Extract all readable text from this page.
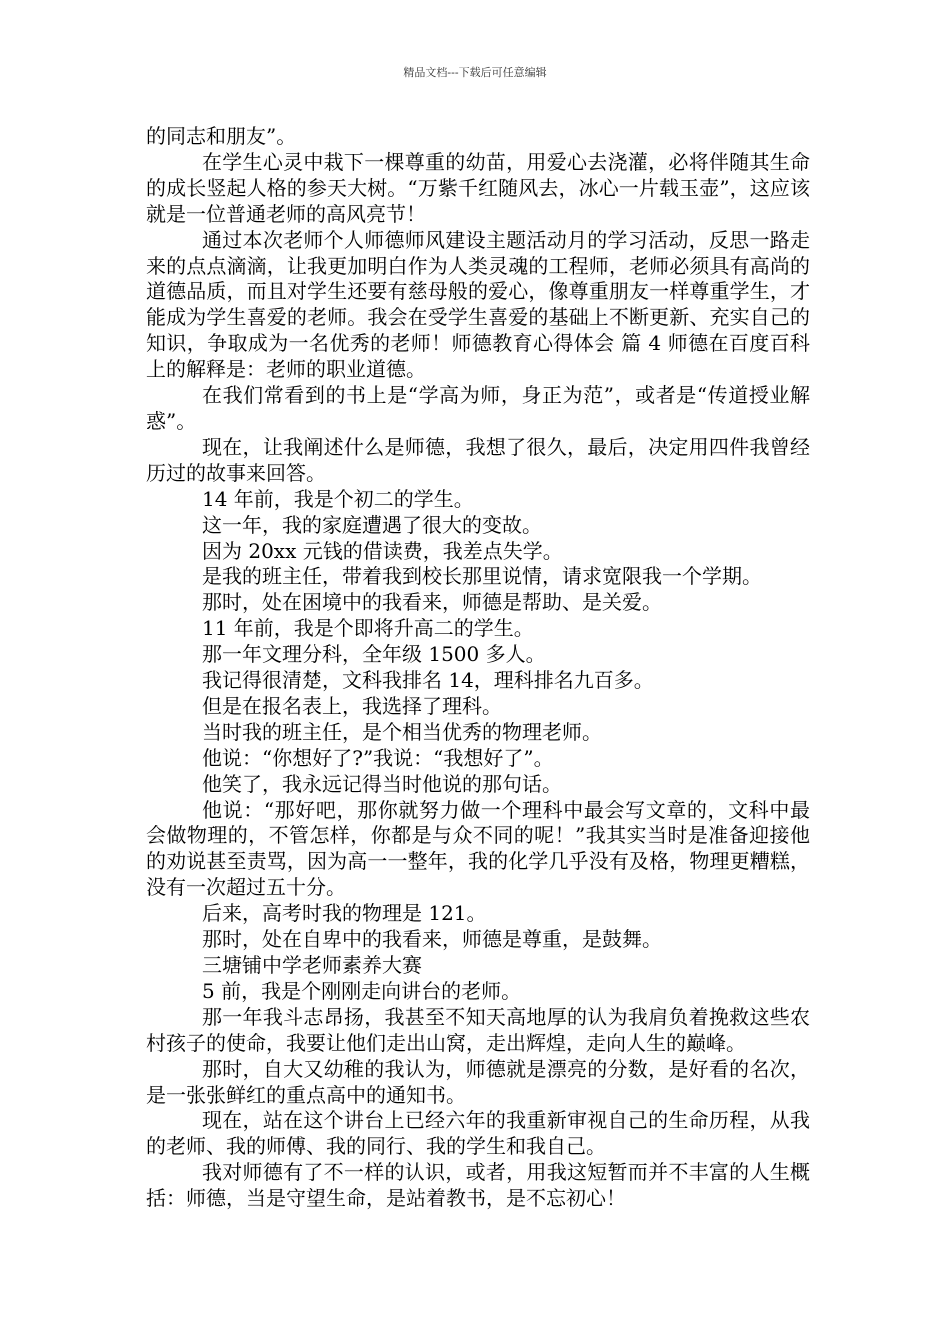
精品文档---下载后可任意编辑

的同志和朋友”。

在学生心灵中栽下一棵尊重的幼苗，用爱心去浇灌，必将伴随其生命的成长竖起人格的参天大树。“万紫千红随风去，冰心一片载玉壶”，这应该就是一位普通老师的高风亮节！

通过本次老师个人师德师风建设主题活动月的学习活动，反思一路走来的点点滴滴，让我更加明白作为人类灵魂的工程师，老师必须具有高尚的道德品质，而且对学生还要有慈母般的爱心，像尊重朋友一样尊重学生，才能成为学生喜爱的老师。我会在受学生喜爱的基础上不断更新、充实自己的知识，争取成为一名优秀的老师！师德教育心得体会 篇 4 师德在百度百科上的解释是：老师的职业道德。

在我们常看到的书上是“学高为师，身正为范”，或者是“传道授业解惑”。

现在，让我阐述什么是师德，我想了很久，最后，决定用四件我曾经历过的故事来回答。

14 年前，我是个初二的学生。

这一年，我的家庭遭遇了很大的变故。

因为 20xx 元钱的借读费，我差点失学。

是我的班主任，带着我到校长那里说情，请求宽限我一个学期。

那时，处在困境中的我看来，师德是帮助、是关爱。

11 年前，我是个即将升高二的学生。

那一年文理分科，全年级 1500 多人。

我记得很清楚，文科我排名 14，理科排名九百多。

但是在报名表上，我选择了理科。

当时我的班主任，是个相当优秀的物理老师。

他说：“你想好了?”我说：“我想好了”。

他笑了，我永远记得当时他说的那句话。

他说：“那好吧，那你就努力做一个理科中最会写文章的，文科中最会做物理的，不管怎样，你都是与众不同的呢！”我其实当时是准备迎接他的劝说甚至责骂，因为高一一整年，我的化学几乎没有及格，物理更糟糕，没有一次超过五十分。

后来，高考时我的物理是 121。

那时，处在自卑中的我看来，师德是尊重，是鼓舞。

三塘铺中学老师素养大赛

5 前，我是个刚刚走向讲台的老师。

那一年我斗志昂扬，我甚至不知天高地厚的认为我肩负着挽救这些农村孩子的使命，我要让他们走出山窝，走出辉煌，走向人生的巅峰。

那时，自大又幼稚的我认为，师德就是漂亮的分数，是好看的名次，是一张张鲜红的重点高中的通知书。

现在，站在这个讲台上已经六年的我重新审视自己的生命历程，从我的老师、我的师傅、我的同行、我的学生和我自己。

我对师德有了不一样的认识，或者，用我这短暂而并不丰富的人生概括：师德，当是守望生命，是站着教书，是不忘初心！
